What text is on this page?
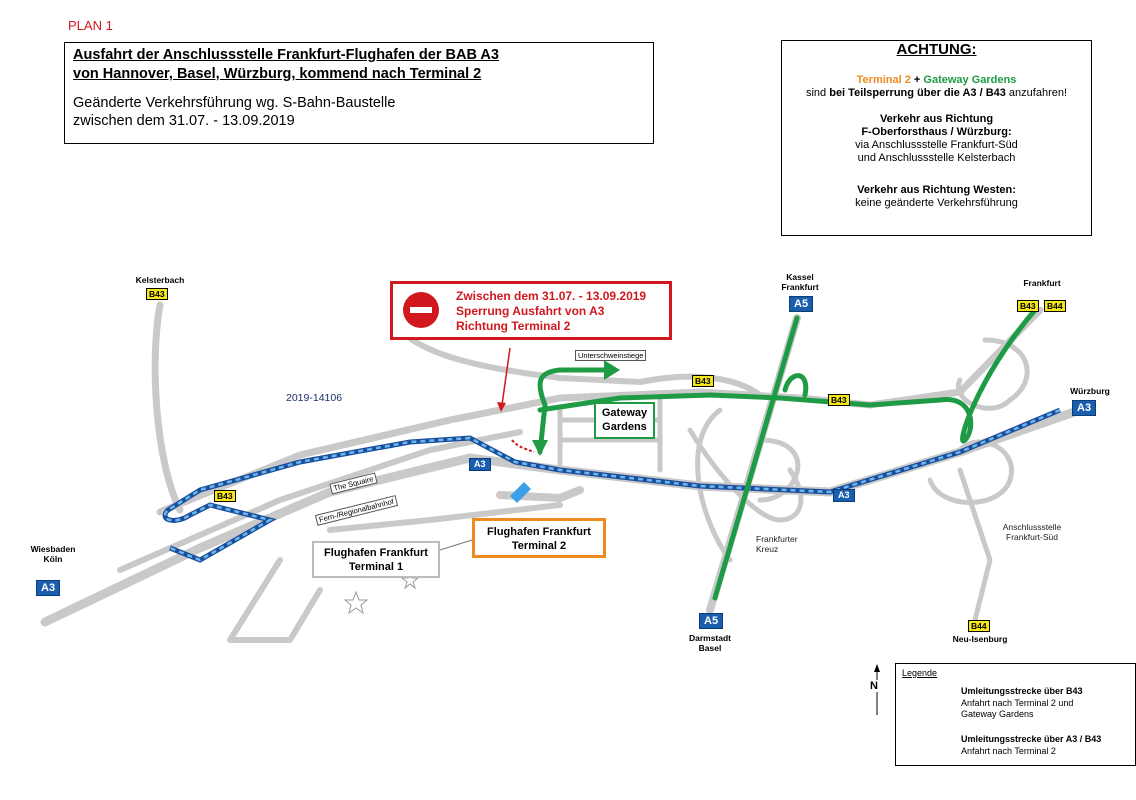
PLAN 1
Ausfahrt der Anschlussstelle Frankfurt-Flughafen der BAB A3
von Hannover, Basel, Würzburg, kommend nach Terminal 2
Geänderte Verkehrsführung wg. S-Bahn-Baustelle
zwischen dem 31.07. - 13.09.2019
ACHTUNG:
Terminal 2 + Gateway Gardens
sind bei Teilsperrung über die A3 / B43 anzufahren!
Verkehr aus Richtung
F-Oberforsthaus / Würzburg:
via Anschlussstelle Frankfurt-Süd
und Anschlussstelle Kelsterbach
Verkehr aus Richtung Westen:
keine geänderte Verkehrsführung
Zwischen dem 31.07. - 13.09.2019
Sperrung Ausfahrt von A3
Richtung Terminal 2
2019-14106
Kelsterbach
B43
Kassel
Frankfurt
A5
Frankfurt
B43	B44
Würzburg
A3
Wiesbaden
Köln
A3
A5
Darmstadt
Basel
B44
Neu-Isenburg
Frankfurter
Kreuz
Anschlussstelle
Frankfurt-Süd
B43
B43
B43
A3
A3
Unterschweinstiege
The Squaire
Fern-/Regionalbahnhof
Gateway
Gardens
Flughafen Frankfurt
Terminal 2
Flughafen Frankfurt
Terminal 1
N
Legende
Umleitungsstrecke über B43
Anfahrt nach Terminal 2 und
Gateway Gardens
Umleitungsstrecke über A3 / B43
Anfahrt nach Terminal 2
